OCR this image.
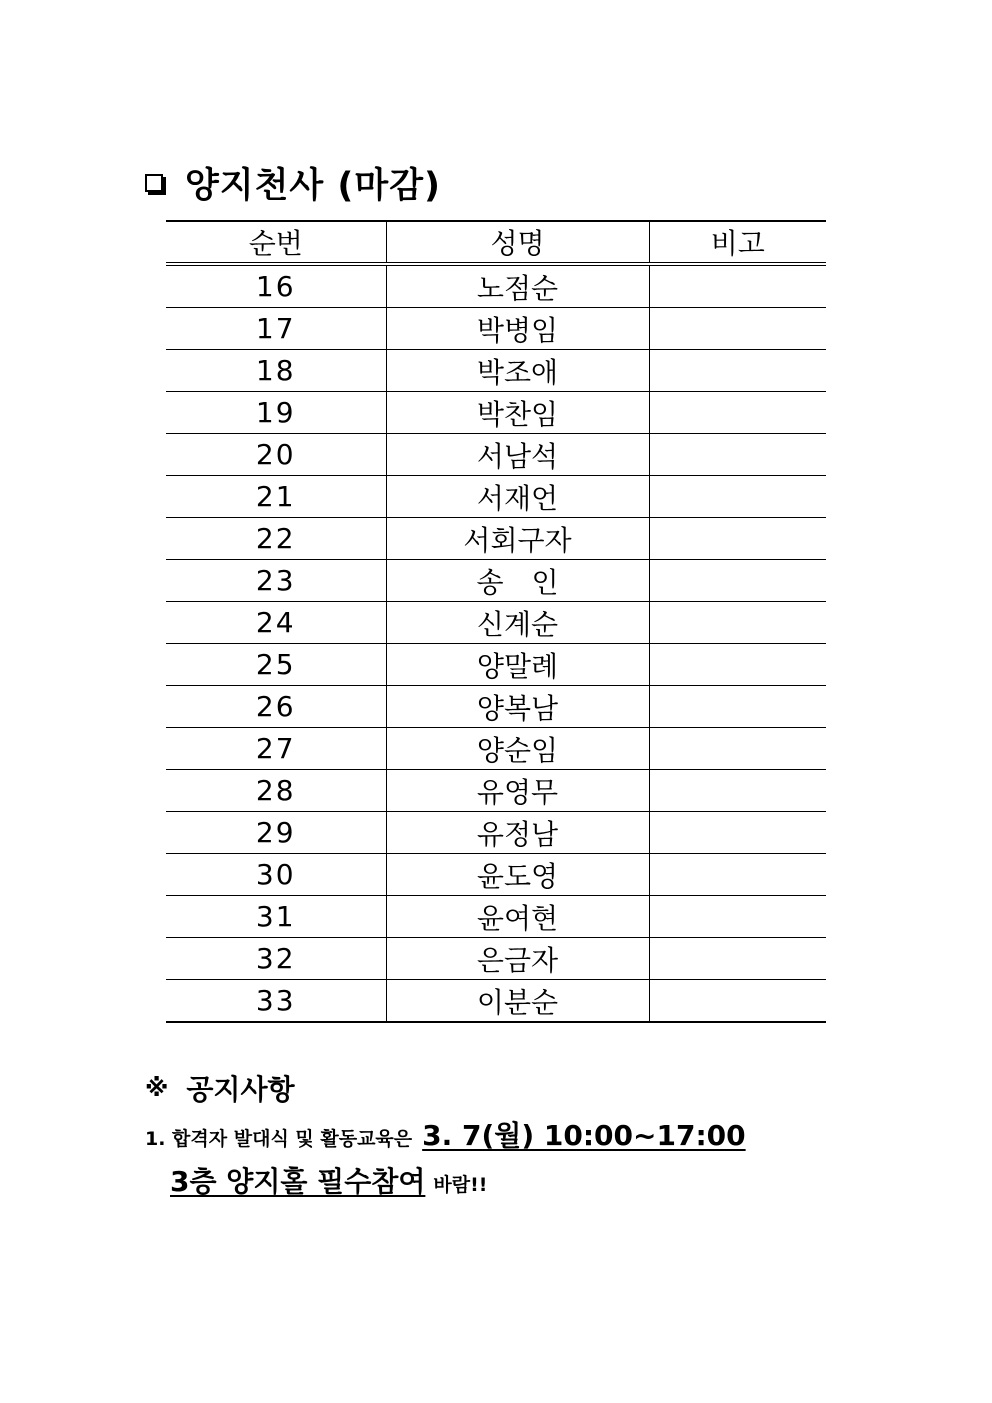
양지천사 (마감)
순번	성명	비고
16	노점순	
17	박병임	
18	박조애	
19	박찬임	
20	서남석	
21	서재언	
22	서회구자	
23	송　인	
24	신계순	
25	양말례	
26	양복남	
27	양순임	
28	유영무	
29	유정남	
30	윤도영	
31	윤여현	
32	은금자	
33	이분순	
※ 공지사항
1. 합격자 발대식 및 활동교육은 3. 7(월) 10:00~17:00
3층 양지홀 필수참여 바람!!
